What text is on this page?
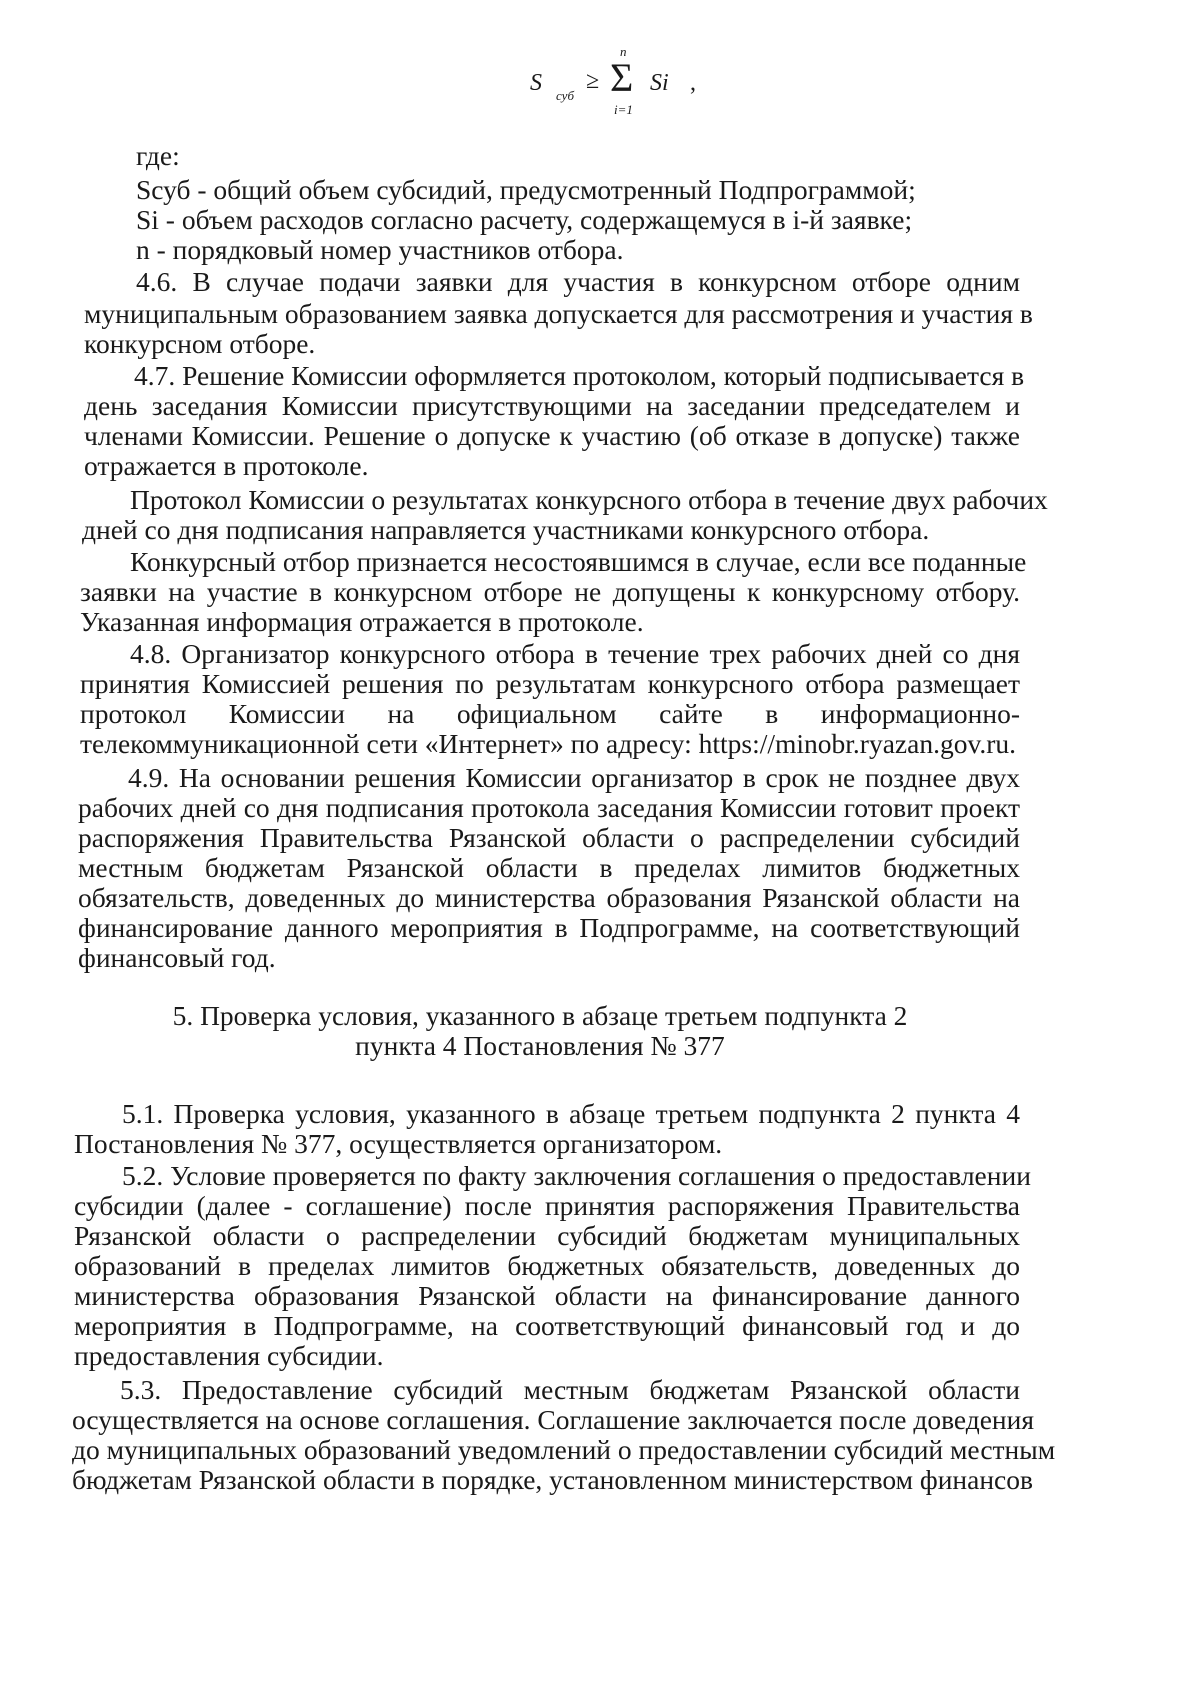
S суб
≥
n
Σ
i=1
Si ,

где:

Sсуб - общий объем субсидий, предусмотренный Подпрограммой;

Si - объем расходов согласно расчету, содержащемуся в i-й заявке;

n - порядковый номер участников отбора.

4.6. В случае подачи заявки для участия в конкурсном отборе одним

муниципальным образованием заявка допускается для рассмотрения и участия в

конкурсном отборе.

4.7. Решение Комиссии оформляется протоколом, который подписывается в

день заседания Комиссии присутствующими на заседании председателем и

членами Комиссии. Решение о допуске к участию (об отказе в допуске) также

отражается в протоколе.

Протокол Комиссии о результатах конкурсного отбора в течение двух рабочих

дней со дня подписания направляется участниками конкурсного отбора.

Конкурсный отбор признается несостоявшимся в случае, если все поданные

заявки на участие в конкурсном отборе не допущены к конкурсному отбору.

Указанная информация отражается в протоколе.

4.8. Организатор конкурсного отбора в течение трех рабочих дней со дня

принятия Комиссией решения по результатам конкурсного отбора размещает

протокол Комиссии на официальном сайте в информационно-

телекоммуникационной сети «Интернет» по адресу: https://minobr.ryazan.gov.ru.

4.9. На основании решения Комиссии организатор в срок не позднее двух

рабочих дней со дня подписания протокола заседания Комиссии готовит проект

распоряжения Правительства Рязанской области о распределении субсидий

местным бюджетам Рязанской области в пределах лимитов бюджетных

обязательств, доведенных до министерства образования Рязанской области на

финансирование данного мероприятия в Подпрограмме, на соответствующий

финансовый год.

5. Проверка условия, указанного в абзаце третьем подпункта 2

пункта 4 Постановления № 377

5.1. Проверка условия, указанного в абзаце третьем подпункта 2 пункта 4

Постановления № 377, осуществляется организатором.

5.2. Условие проверяется по факту заключения соглашения о предоставлении

субсидии (далее - соглашение) после принятия распоряжения Правительства

Рязанской области о распределении субсидий бюджетам муниципальных

образований в пределах лимитов бюджетных обязательств, доведенных до

министерства образования Рязанской области на финансирование данного

мероприятия в Подпрограмме, на соответствующий финансовый год и до

предоставления субсидии.

5.3. Предоставление субсидий местным бюджетам Рязанской области

осуществляется на основе соглашения. Соглашение заключается после доведения

до муниципальных образований уведомлений о предоставлении субсидий местным

бюджетам Рязанской области в порядке, установленном министерством финансов
